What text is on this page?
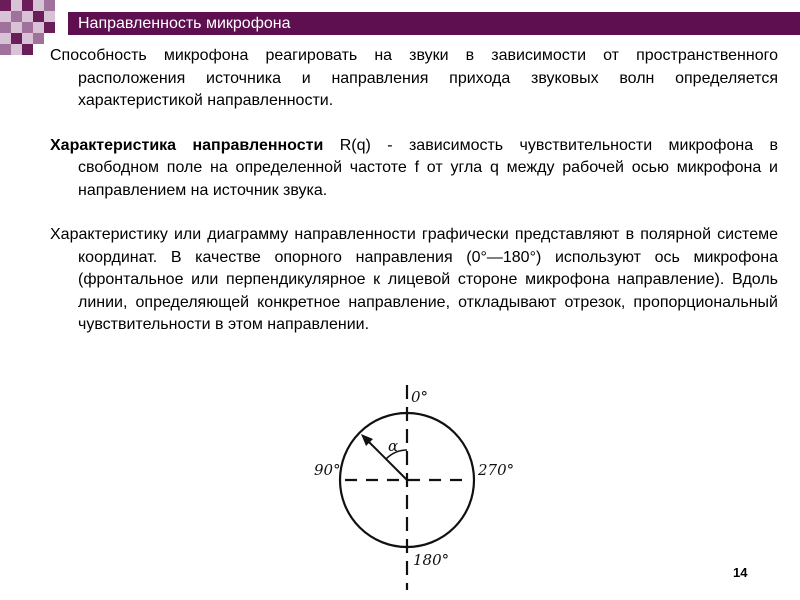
Направленность микрофона

Способность микрофона реагировать на звуки в зависимости от пространственного расположения источника и направления прихода звуковых волн определяется характеристикой направленности.

Характеристика направленности R(q) - зависимость чувствительности микрофона в свободном поле на определенной частоте f от угла q между рабочей осью микрофона и направлением на источник звука.

Характеристику или диаграмму направленности графически представляют в полярной системе координат. В качестве опорного направления (0°—180°) используют ось микрофона (фронтальное или перпендикулярное к лицевой стороне микрофона направление). Вдоль линии, определяющей конкретное направление, откладывают отрезок, пропорциональный чувствительности в этом направлении.

0°
90°	270°
180°
α
14
